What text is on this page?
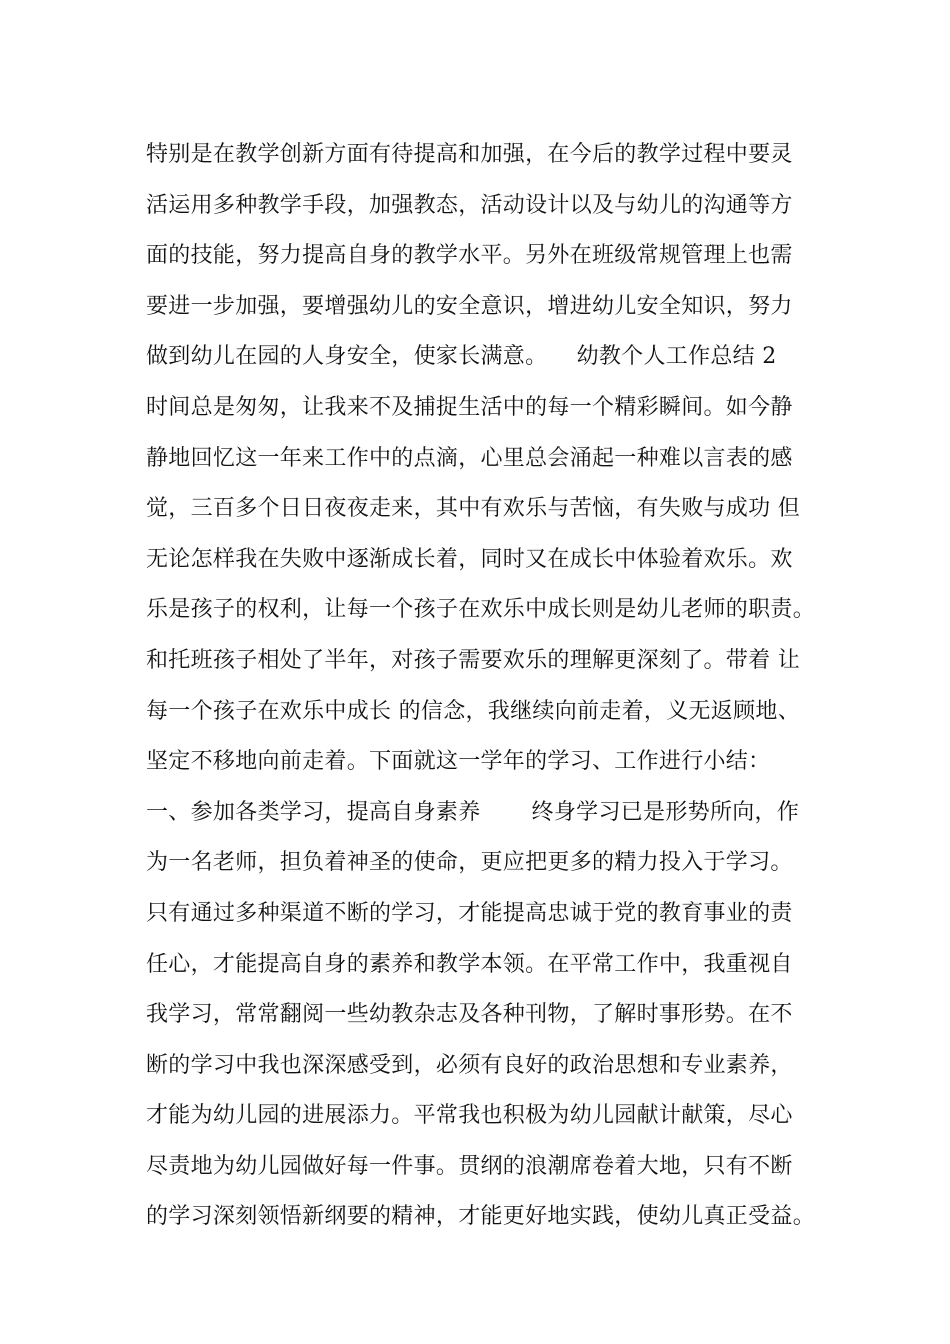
特别是在教学创新方面有待提高和加强，在今后的教学过程中要灵
活运用多种教学手段，加强教态，活动设计以及与幼儿的沟通等方
面的技能，努力提高自身的教学水平。另外在班级常规管理上也需
要进一步加强，要增强幼儿的安全意识，增进幼儿安全知识，努力
做到幼儿在园的人身安全，使家长满意。    幼教个人工作总结 2
时间总是匆匆，让我来不及捕捉生活中的每一个精彩瞬间。如今静
静地回忆这一年来工作中的点滴，心里总会涌起一种难以言表的感
觉，三百多个日日夜夜走来，其中有欢乐与苦恼，有失败与成功 但
无论怎样我在失败中逐渐成长着，同时又在成长中体验着欢乐。欢
乐是孩子的权利，让每一个孩子在欢乐中成长则是幼儿老师的职责。
和托班孩子相处了半年，对孩子需要欢乐的理解更深刻了。带着 让
每一个孩子在欢乐中成长 的信念，我继续向前走着，义无返顾地、
坚定不移地向前走着。下面就这一学年的学习、工作进行小结：
一、参加各类学习，提高自身素养       终身学习已是形势所向，作
为一名老师，担负着神圣的使命，更应把更多的精力投入于学习。
只有通过多种渠道不断的学习，才能提高忠诚于党的教育事业的责
任心，才能提高自身的素养和教学本领。在平常工作中，我重视自
我学习，常常翻阅一些幼教杂志及各种刊物，了解时事形势。在不
断的学习中我也深深感受到，必须有良好的政治思想和专业素养，
才能为幼儿园的进展添力。平常我也积极为幼儿园献计献策，尽心
尽责地为幼儿园做好每一件事。贯纲的浪潮席卷着大地，只有不断
的学习深刻领悟新纲要的精神，才能更好地实践，使幼儿真正受益。
